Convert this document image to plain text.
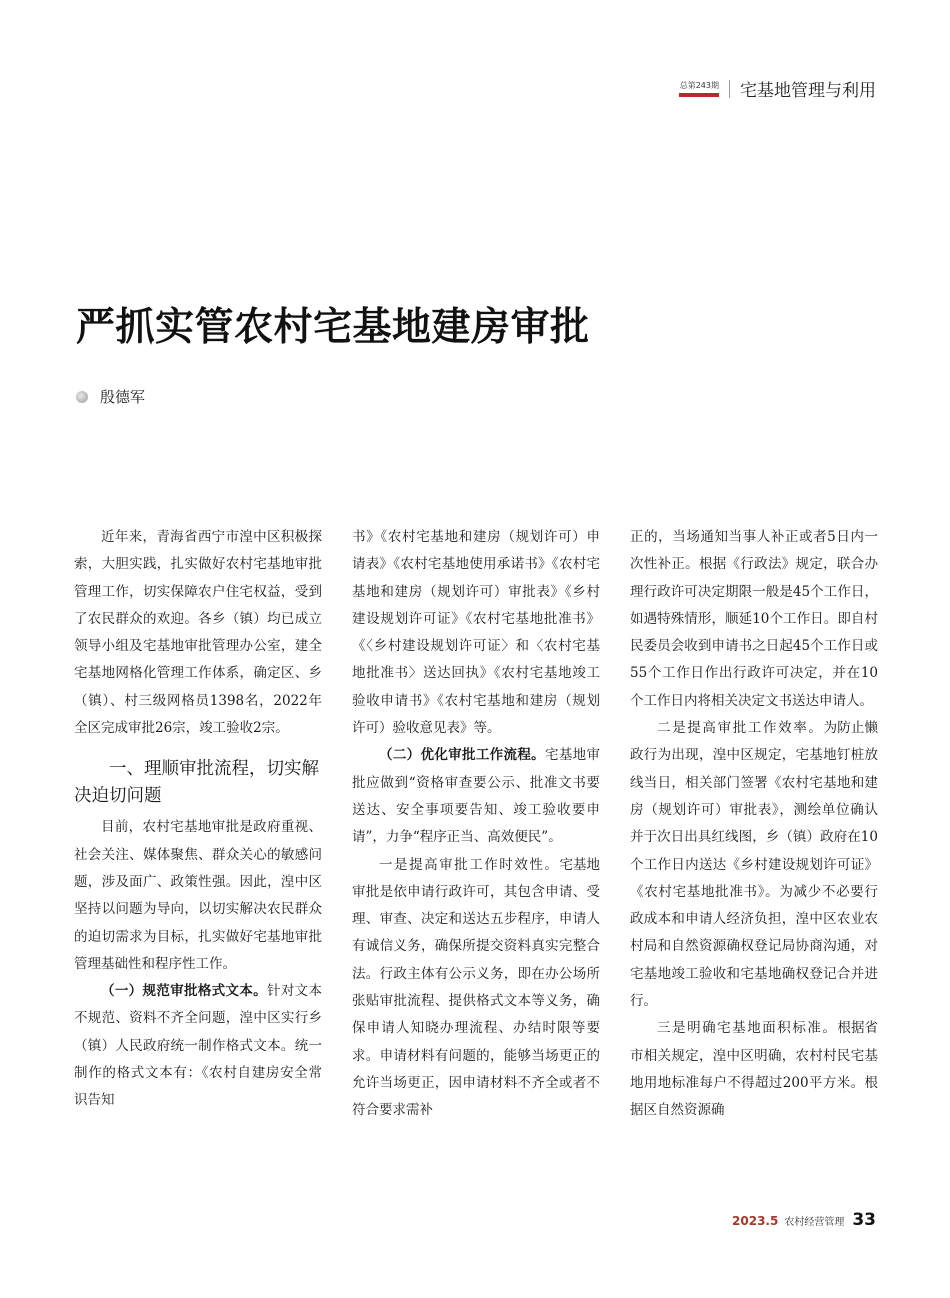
总第243期 宅基地管理与利用
严抓实管农村宅基地建房审批
殷德军

近年来，青海省西宁市湟中区积极探索，大胆实践，扎实做好农村宅基地审批管理工作，切实保障农户住宅权益，受到了农民群众的欢迎。各乡（镇）均已成立领导小组及宅基地审批管理办公室，建全宅基地网格化管理工作体系，确定区、乡（镇）、村三级网格员1398名，2022年全区完成审批26宗，竣工验收2宗。

一、理顺审批流程，切实解决迫切问题

目前，农村宅基地审批是政府重视、社会关注、媒体聚焦、群众关心的敏感问题，涉及面广、政策性强。因此，湟中区坚持以问题为导向，以切实解决农民群众的迫切需求为目标，扎实做好宅基地审批管理基础性和程序性工作。

（一）规范审批格式文本。针对文本不规范、资料不齐全问题，湟中区实行乡（镇）人民政府统一制作格式文本。统一制作的格式文本有：《农村自建房安全常识告知

书》《农村宅基地和建房（规划许可）申请表》《农村宅基地使用承诺书》《农村宅基地和建房（规划许可）审批表》《乡村建设规划许可证》《农村宅基地批准书》《〈乡村建设规划许可证〉和〈农村宅基地批准书〉送达回执》《农村宅基地竣工验收申请书》《农村宅基地和建房（规划许可）验收意见表》等。

（二）优化审批工作流程。宅基地审批应做到“资格审查要公示、批准文书要送达、安全事项要告知、竣工验收要申请”，力争“程序正当、高效便民”。

一是提高审批工作时效性。宅基地审批是依申请行政许可，其包含申请、受理、审查、决定和送达五步程序，申请人有诚信义务，确保所提交资料真实完整合法。行政主体有公示义务，即在办公场所张贴审批流程、提供格式文本等义务，确保申请人知晓办理流程、办结时限等要求。申请材料有问题的，能够当场更正的允许当场更正，因申请材料不齐全或者不符合要求需补

正的，当场通知当事人补正或者5日内一次性补正。根据《行政法》规定，联合办理行政许可决定期限一般是45个工作日，如遇特殊情形，顺延10个工作日。即自村民委员会收到申请书之日起45个工作日或55个工作日作出行政许可决定，并在10个工作日内将相关决定文书送达申请人。

二是提高审批工作效率。为防止懒政行为出现，湟中区规定，宅基地钉桩放线当日，相关部门签署《农村宅基地和建房（规划许可）审批表》，测绘单位确认并于次日出具红线图，乡（镇）政府在10个工作日内送达《乡村建设规划许可证》《农村宅基地批准书》。为减少不必要行政成本和申请人经济负担，湟中区农业农村局和自然资源确权登记局协商沟通，对宅基地竣工验收和宅基地确权登记合并进行。

三是明确宅基地面积标准。根据省市相关规定，湟中区明确，农村村民宅基地用地标准每户不得超过200平方米。根据区自然资源确

2023.5 农村经营管理 33
